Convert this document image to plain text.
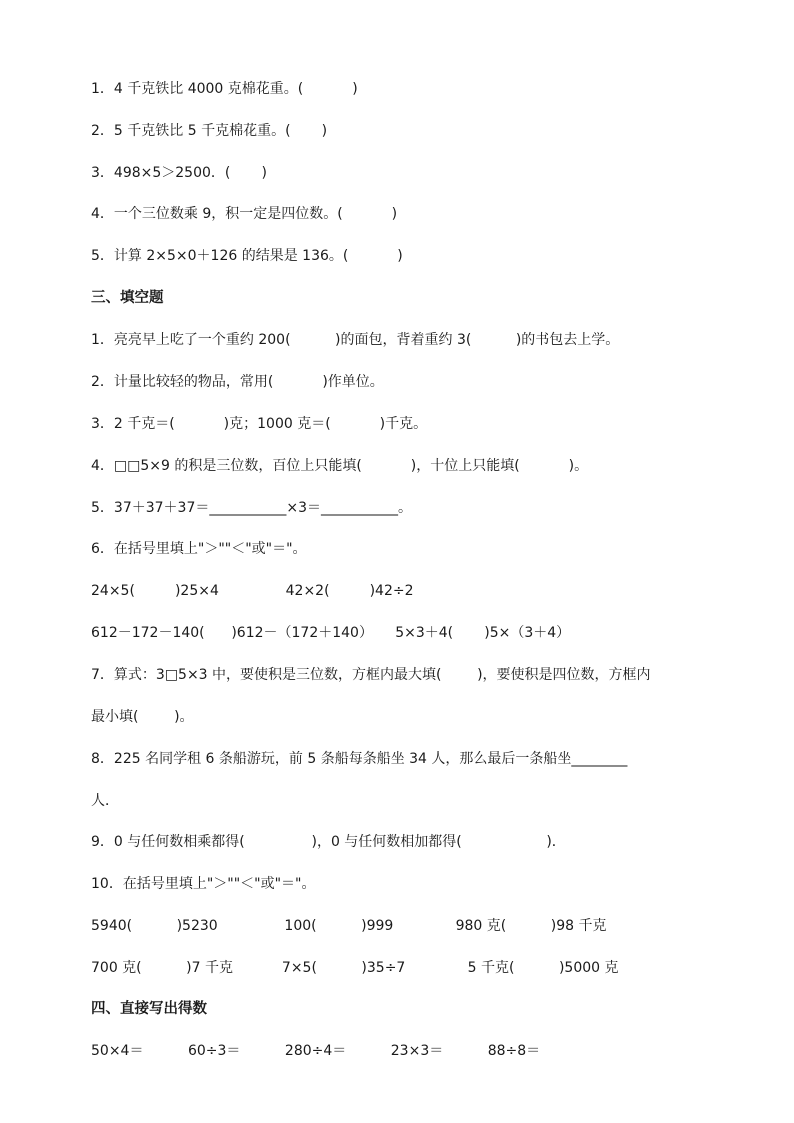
1．4 千克铁比 4000 克棉花重。(           )
2．5 千克铁比 5 千克棉花重。(       )
3．498×5＞2500．(       )
4．一个三位数乘 9，积一定是四位数。(           )
5．计算 2×5×0＋126 的结果是 136。(           )
三、填空题
1．亮亮早上吃了一个重约 200(          )的面包，背着重约 3(          )的书包去上学。
2．计量比较轻的物品，常用(           )作单位。
3．2 千克＝(           )克；1000 克＝(           )千克。
4．□□5×9 的积是三位数，百位上只能填(           )，十位上只能填(           )。
5．37＋37＋37＝___________×3＝___________。
6．在括号里填上"＞""＜"或"＝"。
24×5(         )25×4               42×2(         )42÷2
612－172－140(      )612－（172＋140）     5×3＋4(       )5×（3＋4）
7．算式：3□5×3 中，要使积是三位数，方框内最大填(        )，要使积是四位数，方框内
最小填(        )。
8．225 名同学租 6 条船游玩，前 5 条船每条船坐 34 人，那么最后一条船坐________
人．
9．0 与任何数相乘都得(               )，0 与任何数相加都得(                   )．
10．在括号里填上"＞""＜"或"＝"。
5940(          )5230               100(          )999              980 克(          )98 千克
700 克(          )7 千克           7×5(          )35÷7              5 千克(          )5000 克
四、直接写出得数
50×4＝          60÷3＝          280÷4＝          23×3＝          88÷8＝
